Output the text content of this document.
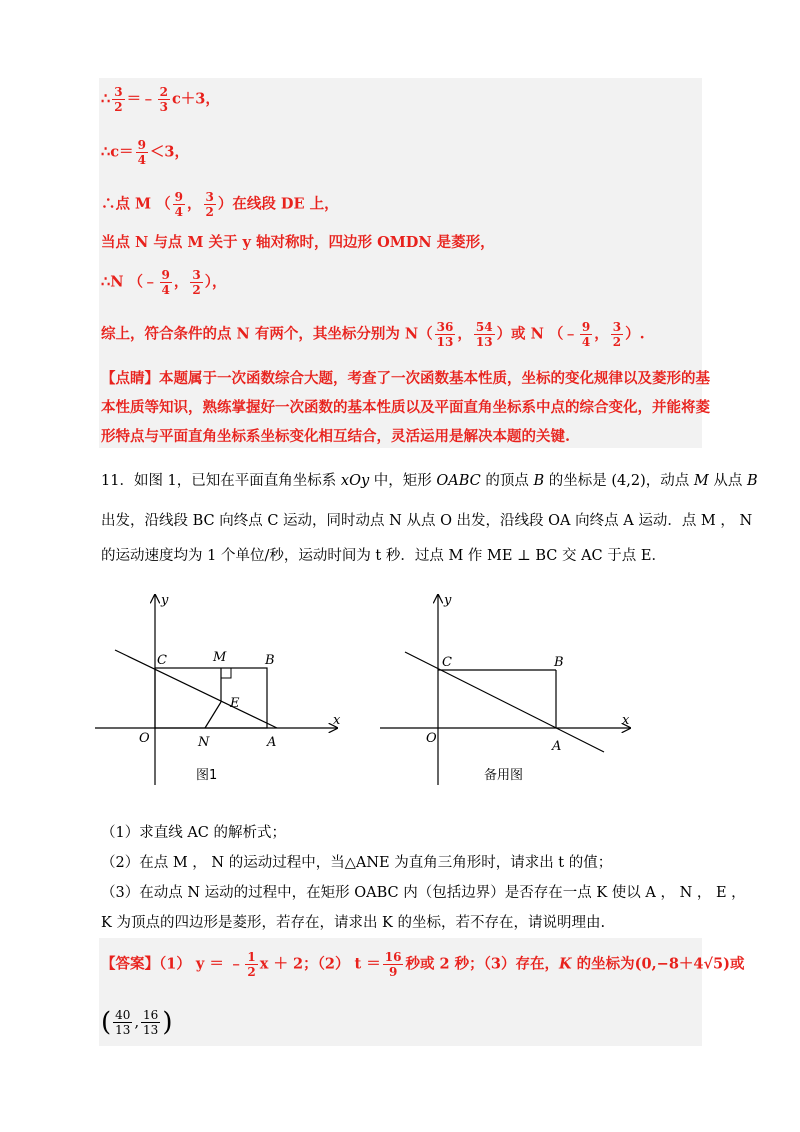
∴ $\frac{3}{2}$ ＝﹣ $\frac{2}{3} c+3$，
∴c＝ $\frac{9}{4} <3$，
∴点 M （ $\frac{9}{4}$ ， $\frac{3}{2}$ ）在线段 DE 上，
当点 N 与点 M 关于 y 轴对称时，四边形 OMDN 是菱形，
∴N （﹣ $\frac{9}{4}$ ， $\frac{3}{2}$ ），
综上，符合条件的点 N 有两个，其坐标分别为 $N( \frac{36}{13}$ ， $\frac{54}{13}$ ）或 N （﹣ $\frac{9}{4}$ ， $\frac{3}{2}$ ）.
【点睛】本题属于一次函数综合大题，考查了一次函数基本性质，坐标的变化规律以及菱形的基
本性质等知识，熟练掌握好一次函数的基本性质以及平面直角坐标系中点的综合变化，并能将菱
形特点与平面直角坐标系坐标变化相互结合，灵活运用是解决本题的关键.
11．如图 1，已知在平面直角坐标系 xOy 中，矩形 OABC 的顶点 B 的坐标是 (4,2)，动点 M 从点 B
出发，沿线段 BC 向终点 C 运动，同时动点 N 从点 O 出发，沿线段 OA 向终点 A 运动．点 M ， N
的运动速度均为 1 个单位/秒，运动时间为 t 秒．过点 M 作 ME ⊥ BC 交 AC 于点 E．
y
x
O
C	M	B
E
N	A
图1
y
x
O
C	B
A
备用图
（1）求直线 AC 的解析式；
（2）在点 M ， N 的运动过程中，当△ANE 为直角三角形时，请求出 t 的值；
（3）在动点 N 运动的过程中，在矩形 OABC 内（包括边界）是否存在一点 K 使以 A ， N ， E ，
K 为顶点的四边形是菱形，若存在，请求出 K 的坐标，若不存在，请说明理由.
【答案】（1） y ＝ ﹣ $\frac{1}{2}$ x ＋ 2；（2） $t = \frac{16}{9}$ 秒或 2 秒；（3）存在，K 的坐标为(0,−8＋4√5)或
( $\frac{40}{13}$ , $\frac{16}{13}$ )
